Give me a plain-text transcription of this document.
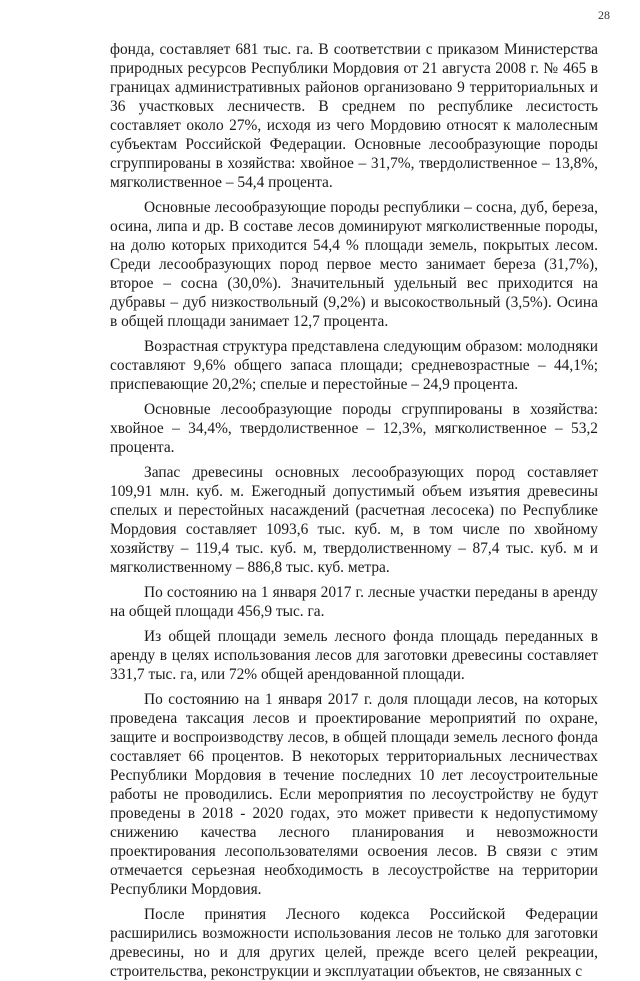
28

фонда, составляет 681 тыс. га. В соответствии с приказом Министерства природных ресурсов Республики Мордовия от 21 августа 2008 г. № 465 в границах административных районов организовано 9 территориальных и 36 участковых лесничеств. В среднем по республике лесистость составляет около 27%, исходя из чего Мордовию относят к малолесным субъектам Российской Федерации. Основные лесообразующие породы сгруппированы в хозяйства: хвойное – 31,7%, твердолиственное – 13,8%, мягколиственное – 54,4 процента.

Основные лесообразующие породы республики – сосна, дуб, береза, осина, липа и др. В составе лесов доминируют мягколиственные породы, на долю которых приходится 54,4 % площади земель, покрытых лесом. Среди лесообразующих пород первое место занимает береза (31,7%), второе – сосна (30,0%). Значительный удельный вес приходится на дубравы – дуб низкоствольный (9,2%) и высокоствольный (3,5%). Осина в общей площади занимает 12,7 процента.

Возрастная структура представлена следующим образом: молодняки составляют 9,6% общего запаса площади; средневозрастные – 44,1%; приспевающие 20,2%; спелые и перестойные – 24,9 процента.

Основные лесообразующие породы сгруппированы в хозяйства: хвойное – 34,4%, твердолиственное – 12,3%, мягколиственное – 53,2 процента.

Запас древесины основных лесообразующих пород составляет 109,91 млн. куб. м. Ежегодный допустимый объем изъятия древесины спелых и перестойных насаждений (расчетная лесосека) по Республике Мордовия составляет 1093,6 тыс. куб. м, в том числе по хвойному хозяйству – 119,4 тыс. куб. м, твердолиственному – 87,4 тыс. куб. м и мягколиственному – 886,8 тыс. куб. метра.

По состоянию на 1 января 2017 г. лесные участки переданы в аренду на общей площади 456,9 тыс. га.

Из общей площади земель лесного фонда площадь переданных в аренду в целях использования лесов для заготовки древесины составляет 331,7 тыс. га, или 72% общей арендованной площади.

По состоянию на 1 января 2017 г. доля площади лесов, на которых проведена таксация лесов и проектирование мероприятий по охране, защите и воспроизводству лесов, в общей площади земель лесного фонда составляет 66 процентов. В некоторых территориальных лесничествах Республики Мордовия в течение последних 10 лет лесоустроительные работы не проводились. Если мероприятия по лесоустройству не будут проведены в 2018 - 2020 годах, это может привести к недопустимому снижению качества лесного планирования и невозможности проектирования лесопользователями освоения лесов. В связи с этим отмечается серьезная необходимость в лесоустройстве на территории Республики Мордовия.

После принятия Лесного кодекса Российской Федерации расширились возможности использования лесов не только для заготовки древесины, но и для других целей, прежде всего целей рекреации, строительства, реконструкции и эксплуатации объектов, не связанных с
